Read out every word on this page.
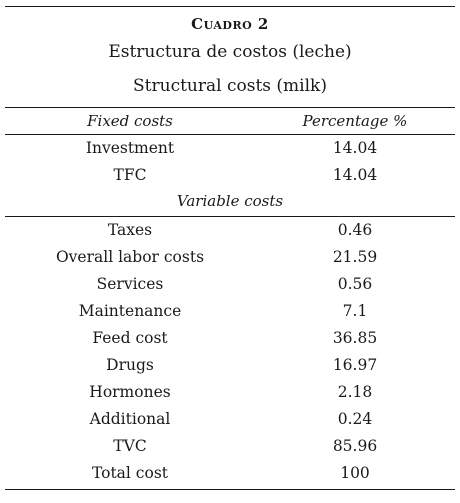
Cuadro 2
Estructura de costos (leche)
Structural costs (milk)
Fixed costs	Percentage %
Investment	14.04
TFC	14.04
Variable costs
Taxes	0.46
Overall labor costs	21.59
Services	0.56
Maintenance	7.1
Feed cost	36.85
Drugs	16.97
Hormones	2.18
Additional	0.24
TVC	85.96
Total cost	100
